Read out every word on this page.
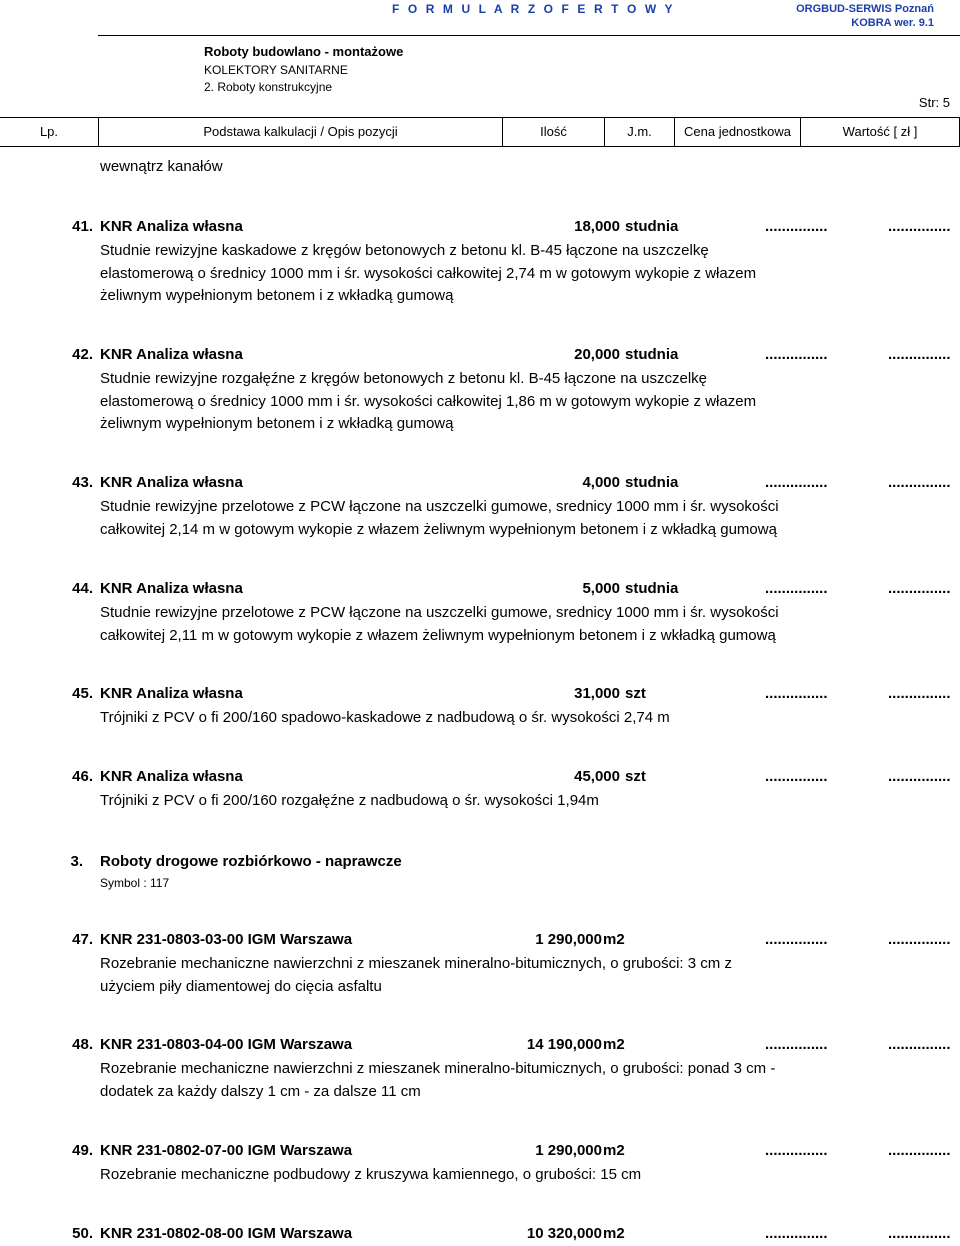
F O R M U L A R Z O F E R T O W Y	ORGBUD-SERWIS Poznań
KOBRA wer. 9.1
Roboty budowlano - montażowe
KOLEKTORY SANITARNE
2. Roboty konstrukcyjne
Str: 5
Lp.	Podstawa kalkulacji / Opis pozycji	Ilość	J.m.	Cena jednostkowa	Wartość [ zł ]
wewnątrz kanałów
41. KNR Analiza własna	18,000 studnia	...............	...............
Studnie rewizyjne kaskadowe z kręgów betonowych z betonu kl. B-45 łączone na uszczelkę elastomerową o średnicy 1000 mm i śr. wysokości całkowitej 2,74 m w gotowym wykopie z włazem żeliwnym wypełnionym betonem i z wkładką gumową
42. KNR Analiza własna	20,000 studnia	...............	...............
Studnie rewizyjne rozgałęźne z kręgów betonowych z betonu kl. B-45 łączone na uszczelkę elastomerową o średnicy 1000 mm i śr. wysokości całkowitej 1,86 m w gotowym wykopie z włazem żeliwnym wypełnionym betonem i z wkładką gumową
43. KNR Analiza własna	4,000 studnia	...............	...............
Studnie rewizyjne przelotowe z PCW łączone na uszczelki gumowe, srednicy 1000 mm i śr. wysokości całkowitej 2,14 m w gotowym wykopie z włazem żeliwnym wypełnionym betonem i z wkładką gumową
44. KNR Analiza własna	5,000 studnia	...............	...............
Studnie rewizyjne przelotowe z PCW łączone na uszczelki gumowe, srednicy 1000 mm i śr. wysokości całkowitej 2,11 m w gotowym wykopie z włazem żeliwnym wypełnionym betonem i z wkładką gumową
45. KNR Analiza własna	31,000 szt	...............	...............
Trójniki z PCV o fi 200/160 spadowo-kaskadowe z nadbudową o śr. wysokości 2,74 m
46. KNR Analiza własna	45,000 szt	...............	...............
Trójniki z PCV o fi 200/160 rozgałęźne z nadbudową o śr. wysokości 1,94m
3. Roboty drogowe rozbiórkowo - naprawcze
Symbol : 117
47. KNR 231-0803-03-00 IGM Warszawa	1 290,000 m2	...............	...............
Rozebranie mechaniczne nawierzchni z mieszanek mineralno-bitumicznych, o grubości: 3 cm z użyciem piły diamentowej do cięcia asfaltu
48. KNR 231-0803-04-00 IGM Warszawa	14 190,000 m2	...............	...............
Rozebranie mechaniczne nawierzchni z mieszanek mineralno-bitumicznych, o grubości: ponad 3 cm - dodatek za każdy dalszy 1 cm - za dalsze 11 cm
49. KNR 231-0802-07-00 IGM Warszawa	1 290,000 m2	...............	...............
Rozebranie mechaniczne podbudowy z kruszywa kamiennego, o grubości: 15 cm
50. KNR 231-0802-08-00 IGM Warszawa	10 320,000 m2	...............	...............
